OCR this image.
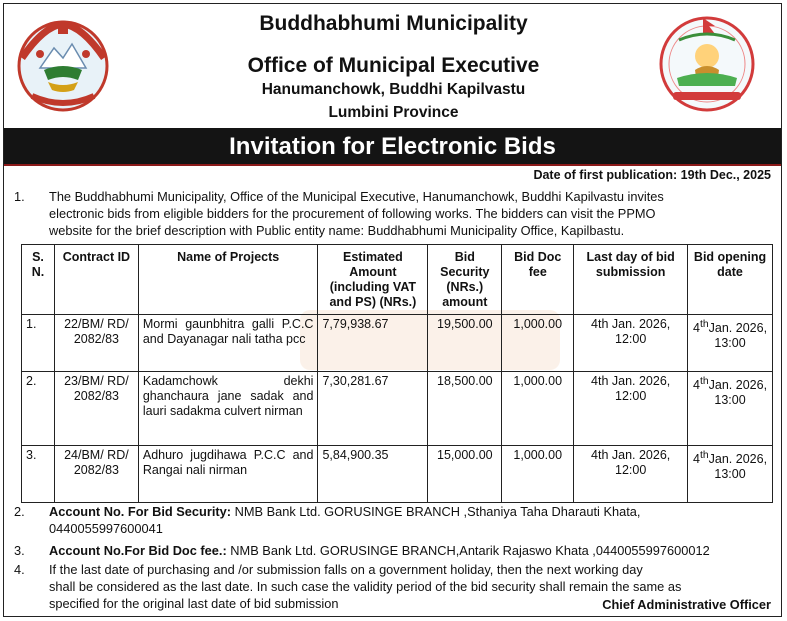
Buddhabhumi Municipality
Office of Municipal Executive
Hanumanchowk, Buddhi Kapilvastu
Lumbini Province
Invitation for Electronic Bids
Date of first publication: 19th Dec., 2025
1. The Buddhabhumi Municipality, Office of the Municipal Executive, Hanumanchowk, Buddhi Kapilvastu invites
electronic bids from eligible bidders for the procurement of following works. The bidders can visit the PPMO
website for the brief description with Public entity name: Buddhabhumi Municipality Office, Kapilbastu.
S. N.	Contract ID	Name of Projects	Estimated Amount (including VAT and PS) (NRs.)	Bid Security (NRs.) amount	Bid Doc fee	Last day of bid submission	Bid opening date
1.	22/BM/ RD/ 2082/83	Mormi gaunbhitra galli P.C.C and Dayanagar nali tatha pcc	7,79,938.67	19,500.00	1,000.00	4th Jan. 2026, 12:00	4thJan. 2026, 13:00
2.	23/BM/ RD/ 2082/83	Kadamchowk dekhi ghanchaura jane sadak and lauri sadakma culvert nirman	7,30,281.67	18,500.00	1,000.00	4th Jan. 2026, 12:00	4thJan. 2026, 13:00
3.	24/BM/ RD/ 2082/83	Adhuro jugdihawa P.C.C and Rangai nali nirman	5,84,900.35	15,000.00	1,000.00	4th Jan. 2026, 12:00	4thJan. 2026, 13:00
2. Account No. For Bid Security: NMB Bank Ltd. GORUSINGE BRANCH ,Sthaniya Taha Dharauti Khata,
0440055997600041
3. Account No.For Bid Doc fee.: NMB Bank Ltd. GORUSINGE BRANCH,Antarik Rajaswo Khata ,0440055997600012
4. If the last date of purchasing and /or submission falls on a government holiday, then the next working day
shall be considered as the last date. In such case the validity period of the bid security shall remain the same as
specified for the original last date of bid submission	Chief Administrative Officer
